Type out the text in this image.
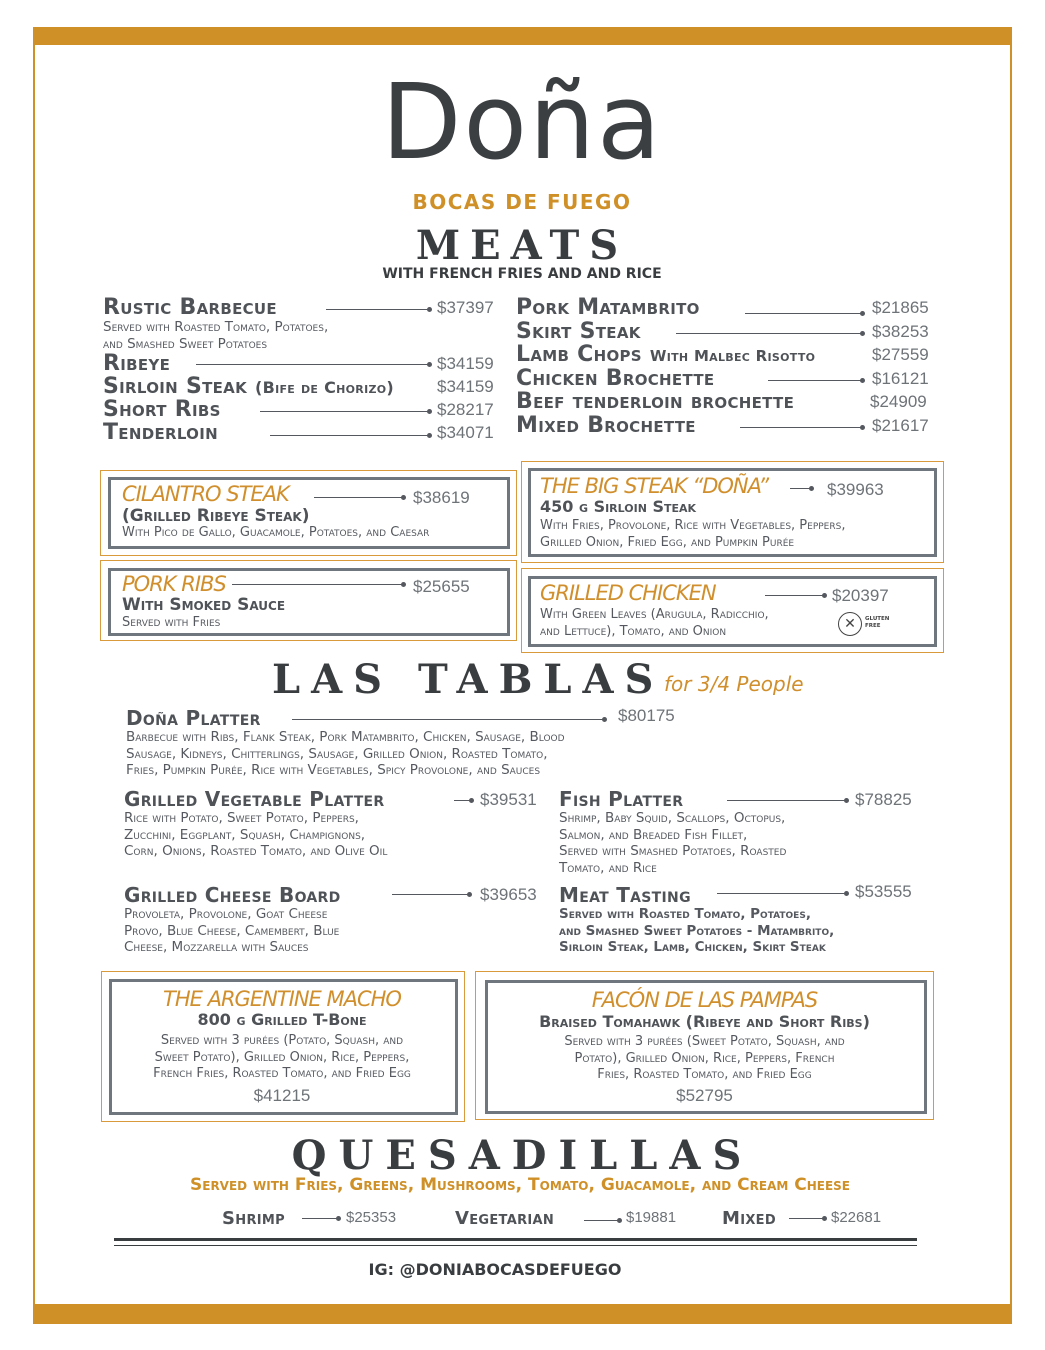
Doña
BOCAS DE FUEGO
MEATS
WITH FRENCH FRIES AND AND RICE
Rustic Barbecue	$37397
Served with Roasted Tomato, Potatoes,
and Smashed Sweet Potatoes
Ribeye	$34159
Sirloin Steak (Bife de Chorizo)	$34159
Short Ribs	$28217
Tenderloin	$34071
Pork Matambrito	$21865
Skirt Steak	$38253
Lamb Chops With Malbec Risotto	$27559
Chicken Brochette	$16121
Beef tenderloin brochette	$24909
Mixed Brochette	$21617
CILANTRO STEAK	$38619
(Grilled Ribeye Steak)
With Pico de Gallo, Guacamole, Potatoes, and Caesar
THE BIG STEAK “DOÑA”	$39963
450 g Sirloin Steak
With Fries, Provolone, Rice with Vegetables, Peppers,
Grilled Onion, Fried Egg, and Pumpkin Purée
PORK RIBS	$25655
With Smoked Sauce
Served with Fries
GRILLED CHICKEN	$20397
With Green Leaves (Arugula, Radicchio,
and Lettuce), Tomato, and Onion	✕	GLUTEN FREE
LAS TABLAS for 3/4 People
Doña Platter	$80175
Barbecue with Ribs, Flank Steak, Pork Matambrito, Chicken, Sausage, Blood
Sausage, Kidneys, Chitterlings, Sausage, Grilled Onion, Roasted Tomato,
Fries, Pumpkin Purée, Rice with Vegetables, Spicy Provolone, and Sauces
Grilled Vegetable Platter	$39531
Rice with Potato, Sweet Potato, Peppers,
Zucchini, Eggplant, Squash, Champignons,
Corn, Onions, Roasted Tomato, and Olive Oil
Fish Platter	$78825
Shrimp, Baby Squid, Scallops, Octopus,
Salmon, and Breaded Fish Fillet,
Served with Smashed Potatoes, Roasted
Tomato, and Rice
Grilled Cheese Board	$39653
Provoleta, Provolone, Goat Cheese
Provo, Blue Cheese, Camembert, Blue
Cheese, Mozzarella with Sauces
Meat Tasting	$53555
Served with Roasted Tomato, Potatoes,
and Smashed Sweet Potatoes - Matambrito,
Sirloin Steak, Lamb, Chicken, Skirt Steak
THE ARGENTINE MACHO
800 g Grilled T-Bone
Served with 3 purées (Potato, Squash, and
Sweet Potato), Grilled Onion, Rice, Peppers,
French Fries, Roasted Tomato, and Fried Egg
$41215
FACÓN DE LAS PAMPAS
Braised Tomahawk (Ribeye and Short Ribs)
Served with 3 purées (Sweet Potato, Squash, and
Potato), Grilled Onion, Rice, Peppers, French
Fries, Roasted Tomato, and Fried Egg
$52795
QUESADILLAS
Served with Fries, Greens, Mushrooms, Tomato, Guacamole, and Cream Cheese
Shrimp	$25353	Vegetarian	$19881	Mixed	$22681
IG: @DONIABOCASDEFUEGO
